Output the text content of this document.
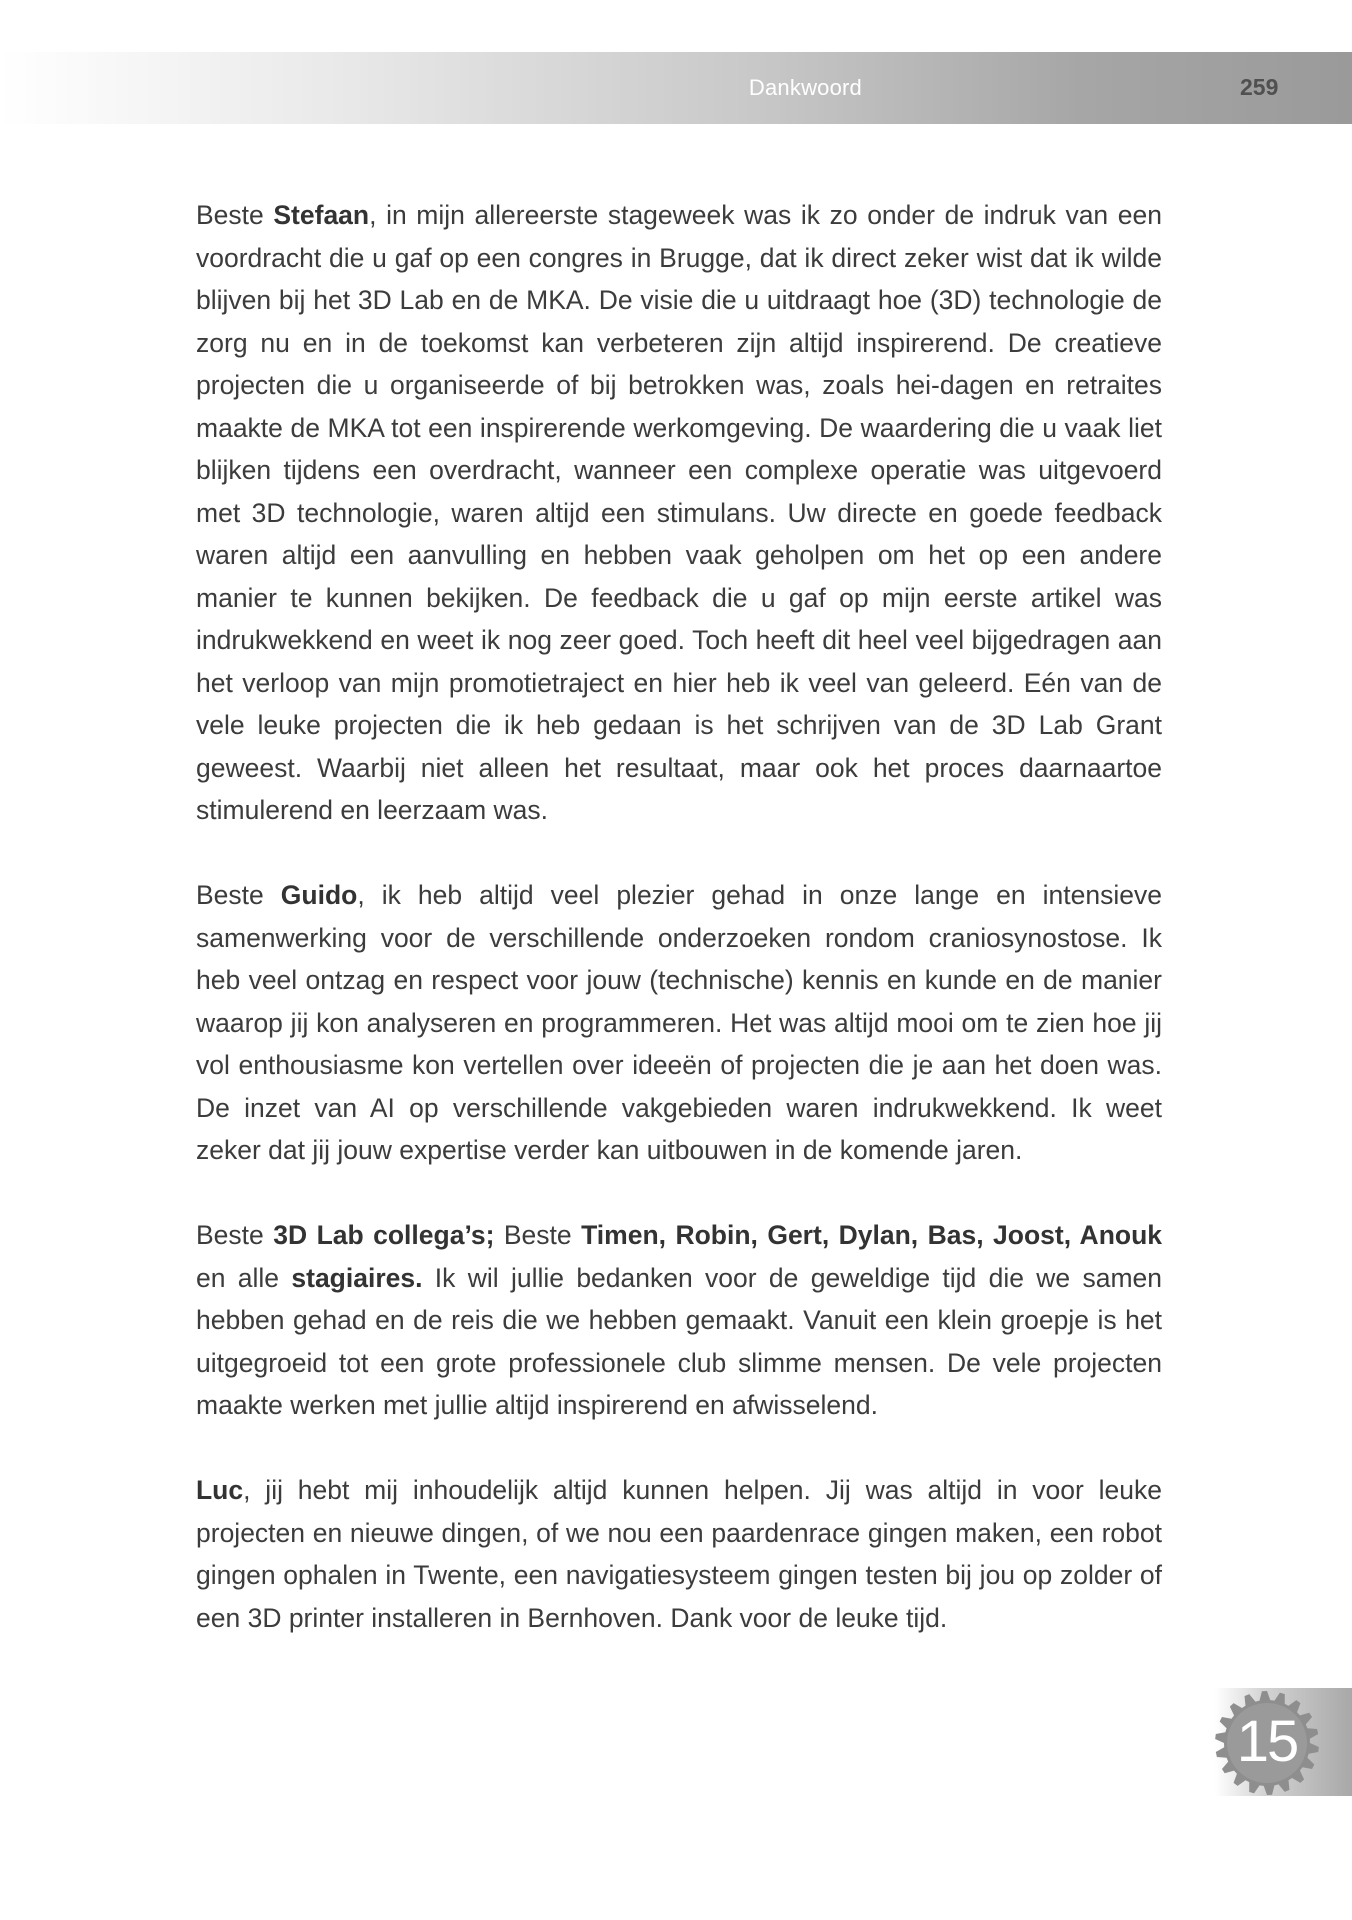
Dankwoord	259

Beste Stefaan, in mijn allereerste stageweek was ik zo onder de indruk van een voordracht die u gaf op een congres in Brugge, dat ik direct zeker wist dat ik wilde blijven bij het 3D Lab en de MKA. De visie die u uitdraagt hoe (3D) technologie de zorg nu en in de toekomst kan verbeteren zijn altijd inspirerend. De creatieve projecten die u organiseerde of bij betrokken was, zoals hei-dagen en retraites maakte de MKA tot een inspirerende werkomgeving. De waardering die u vaak liet blijken tijdens een overdracht, wanneer een complexe operatie was uitgevoerd met 3D technologie, waren altijd een stimulans. Uw directe en goede feedback waren altijd een aanvulling en hebben vaak geholpen om het op een andere manier te kunnen bekijken. De feedback die u gaf op mijn eerste artikel was indrukwekkend en weet ik nog zeer goed. Toch heeft dit heel veel bijgedragen aan het verloop van mijn promotietraject en hier heb ik veel van geleerd. Eén van de vele leuke projecten die ik heb gedaan is het schrijven van de 3D Lab Grant geweest. Waarbij niet alleen het resultaat, maar ook het proces daarnaartoe stimulerend en leerzaam was.

Beste Guido, ik heb altijd veel plezier gehad in onze lange en intensieve samenwerking voor de verschillende onderzoeken rondom craniosynostose. Ik heb veel ontzag en respect voor jouw (technische) kennis en kunde en de manier waarop jij kon analyseren en programmeren. Het was altijd mooi om te zien hoe jij vol enthousiasme kon vertellen over ideeën of projecten die je aan het doen was. De inzet van AI op verschillende vakgebieden waren indrukwekkend. Ik weet zeker dat jij jouw expertise verder kan uitbouwen in de komende jaren.

Beste 3D Lab collega’s; Beste Timen, Robin, Gert, Dylan, Bas, Joost, Anouk en alle stagiaires. Ik wil jullie bedanken voor de geweldige tijd die we samen hebben gehad en de reis die we hebben gemaakt. Vanuit een klein groepje is het uitgegroeid tot een grote professionele club slimme mensen. De vele projecten maakte werken met jullie altijd inspirerend en afwisselend.

Luc, jij hebt mij inhoudelijk altijd kunnen helpen. Jij was altijd in voor leuke projecten en nieuwe dingen, of we nou een paardenrace gingen maken, een robot gingen ophalen in Twente, een navigatiesysteem gingen testen bij jou op zolder of een 3D printer installeren in Bernhoven. Dank voor de leuke tijd.

15
